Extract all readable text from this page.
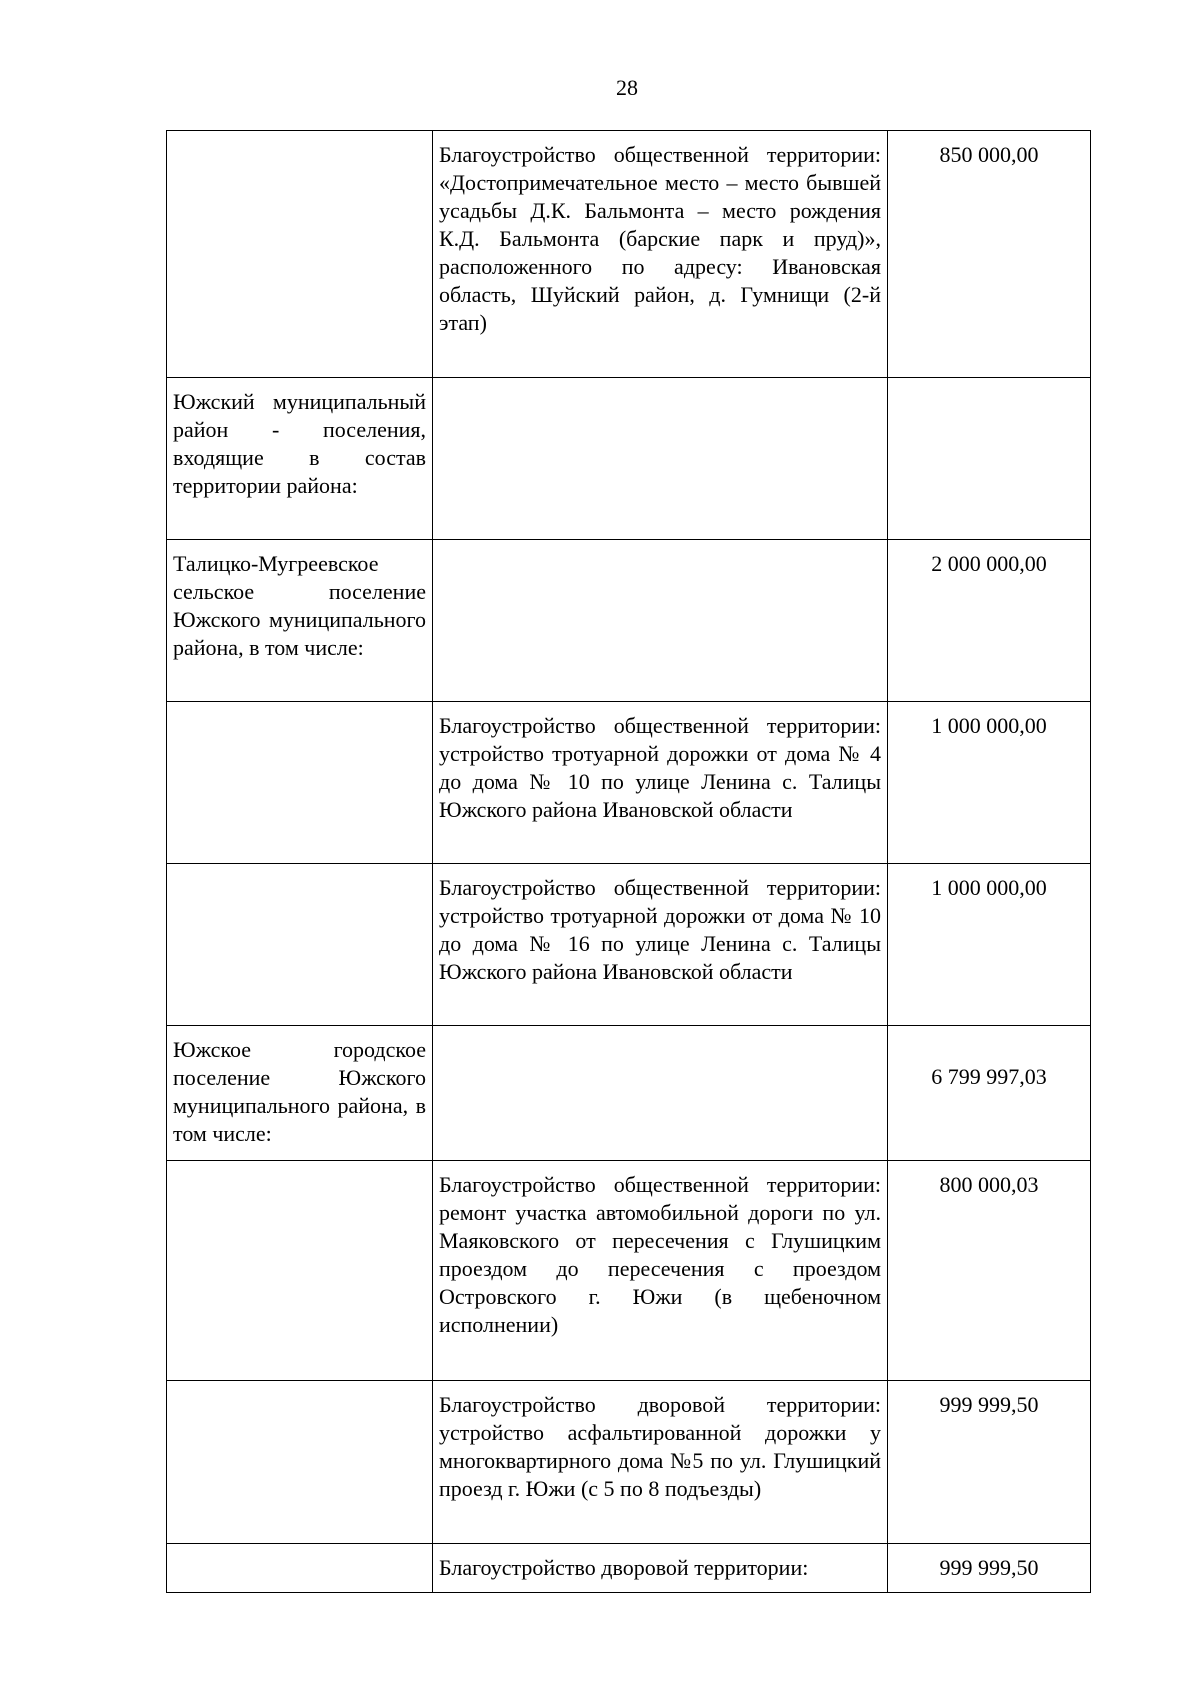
28
	Благоустройство общественной территории: «Достопримечательное место – место бывшей усадьбы Д.К. Бальмонта – место рождения К.Д. Бальмонта (барские парк и пруд)», расположенного по адресу: Ивановская область, Шуйский район, д. Гумнищи (2-й этап)	850 000,00
Южский муниципальный район - поселения, входящие в состав территории района:		
Талицко-Мугреевское сельское поселение Южского муниципального района, в том числе:		2 000 000,00
	Благоустройство общественной территории: устройство тротуарной дорожки от дома № 4 до дома № 10 по улице Ленина с. Талицы Южского района Ивановской области	1 000 000,00
	Благоустройство общественной территории: устройство тротуарной дорожки от дома № 10 до дома № 16 по улице Ленина с. Талицы Южского района Ивановской области	1 000 000,00
Южское городское поселение Южского муниципального района, в том числе:		6 799 997,03
	Благоустройство общественной территории: ремонт участка автомобильной дороги по ул. Маяковского от пересечения с Глушицким проездом до пересечения с проездом Островского г. Южи (в щебеночном исполнении)	800 000,03
	Благоустройство дворовой территории: устройство асфальтированной дорожки у многоквартирного дома №5 по ул. Глушицкий проезд г. Южи (с 5 по 8 подъезды)	999 999,50
	Благоустройство дворовой территории:	999 999,50
